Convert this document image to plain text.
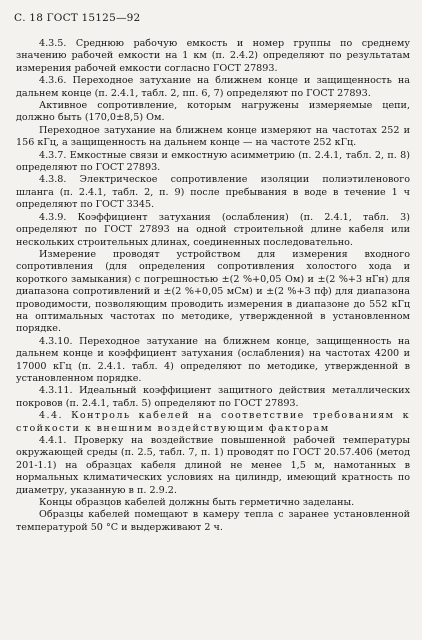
С. 18 ГОСТ 15125—92

4.3.5. Среднюю рабочую емкость и номер группы по среднему значению рабочей емкости на 1 км (п. 2.4.2) определяют по результатам измерения рабочей емкости согласно ГОСТ 27893.

4.3.6. Переходное затухание на ближнем конце и защищенность на дальнем конце (п. 2.4.1, табл. 2, пп. 6, 7) определяют по ГОСТ 27893.

Активное сопротивление, которым нагружены измеряемые цепи, должно быть (170,0±8,5) Ом.

Переходное затухание на ближнем конце измеряют на частотах 252 и 156 кГц, а защищенность на дальнем конце — на частоте 252 кГц.

4.3.7. Емкостные связи и емкостную асимметрию (п. 2.4.1, табл. 2, п. 8) определяют по ГОСТ 27893.

4.3.8. Электрическое сопротивление изоляции полиэтиленового шланга (п. 2.4.1, табл. 2, п. 9) после пребывания в воде в течение 1 ч определяют по ГОСТ 3345.

4.3.9. Коэффициент затухания (ослабления) (п. 2.4.1, табл. 3) определяют по ГОСТ 27893 на одной строительной длине кабеля или нескольких строительных длинах, соединенных последовательно.

Измерение проводят устройством для измерения входного сопротивления (для определения сопротивления холостого хода и короткого замыкания) с погрешностью ±(2 %+0,05 Ом) и ±(2 %+3 нГн) для диапазона сопротивлений и ±(2 %+0,05 мСм) и ±(2 %+3 пф) для диапазона проводимости, позволяющим проводить измерения в диапазоне до 552 кГц на оптимальных частотах по методике, утвержденной в установленном порядке.

4.3.10. Переходное затухание на ближнем конце, защищенность на дальнем конце и коэффициент затухания (ослабления) на частотах 4200 и 17000 кГц (п. 2.4.1. табл. 4) определяют по методике, утвержденной в установленном порядке.

4.3.11. Идеальный коэффициент защитного действия металлических покровов (п. 2.4.1, табл. 5) определяют по ГОСТ 27893.

4.4. Контроль кабелей на соответствие требованиям к стойкости к внешним воздействующим факторам

4.4.1. Проверку на воздействие повышенной рабочей температуры окружающей среды (п. 2.5, табл. 7, п. 1) проводят по ГОСТ 20.57.406 (метод 201-1.1) на образцах кабеля длиной не менее 1,5 м, намотанных в нормальных климатических условиях на цилиндр, имеющий кратность по диаметру, указанную в п. 2.9.2.

Концы образцов кабелей должны быть герметично заделаны.

Образцы кабелей помещают в камеру тепла с заранее установленной температурой 50 °С и выдерживают 2 ч.
